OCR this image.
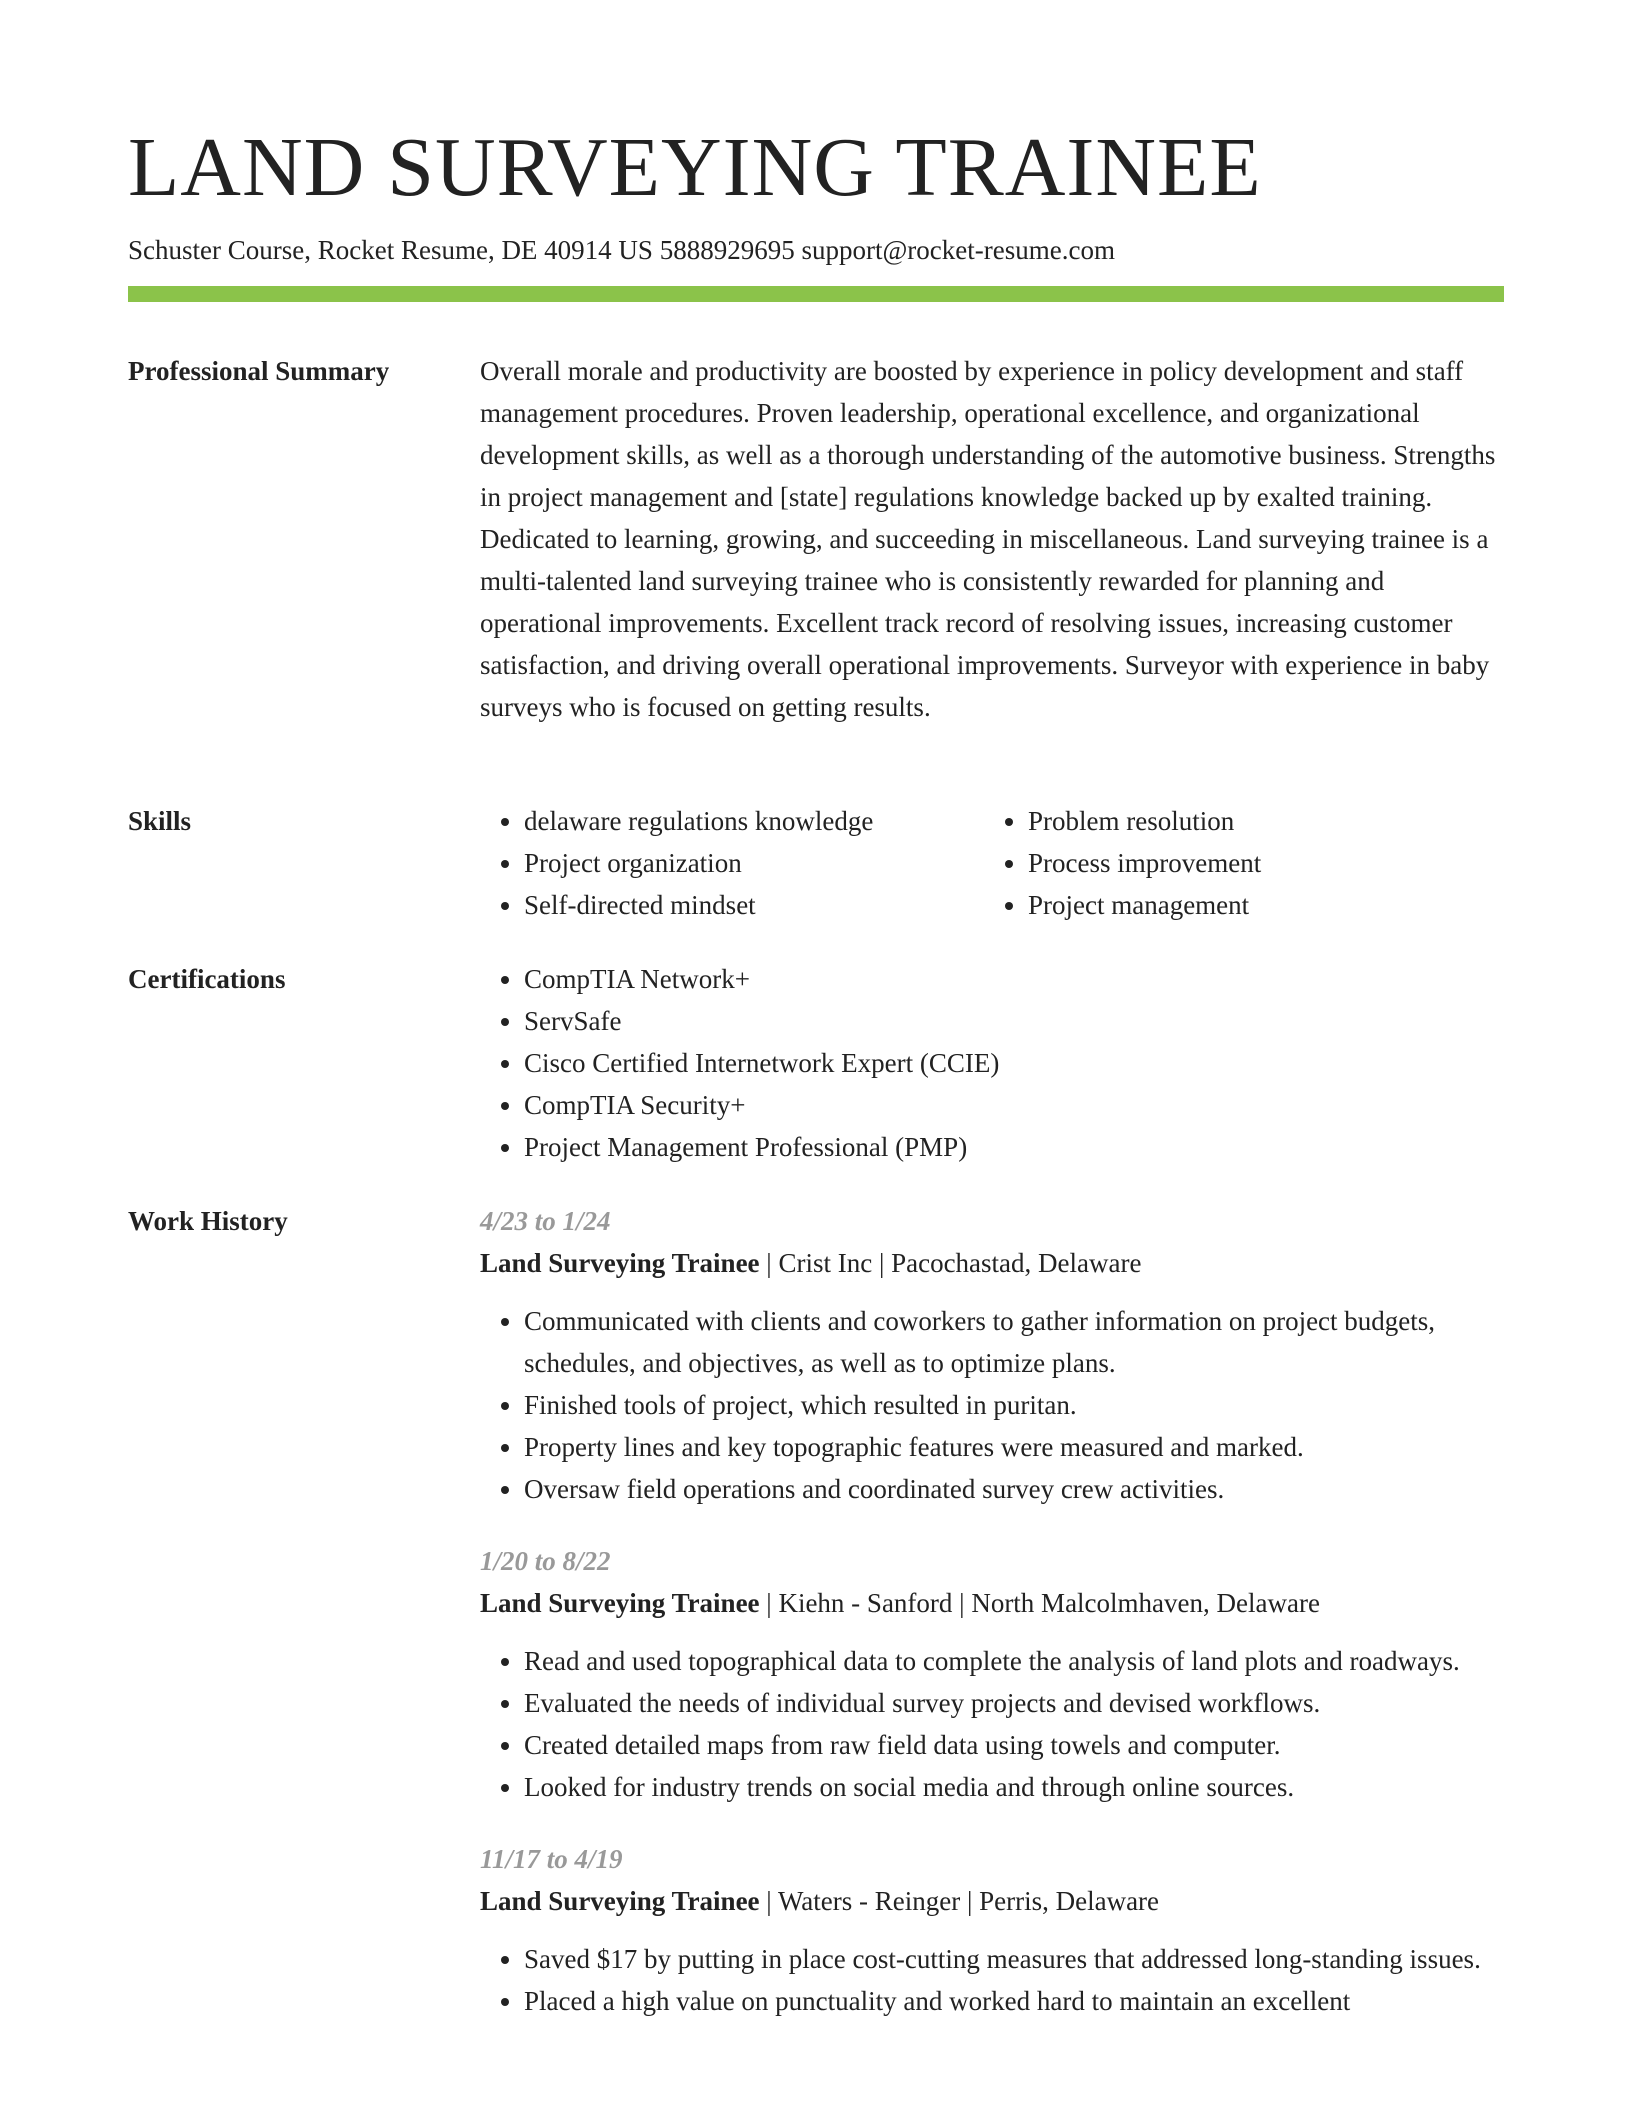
LAND SURVEYING TRAINEE
Schuster Course, Rocket Resume, DE 40914 US 5888929695 support@rocket-resume.com
Professional Summary	Overall morale and productivity are boosted by experience in policy development and staff management procedures. Proven leadership, operational excellence, and organizational development skills, as well as a thorough understanding of the automotive business. Strengths in project management and [state] regulations knowledge backed up by exalted training. Dedicated to learning, growing, and succeeding in miscellaneous. Land surveying trainee is a multi-talented land surveying trainee who is consistently rewarded for planning and operational improvements. Excellent track record of resolving issues, increasing customer satisfaction, and driving overall operational improvements. Surveyor with experience in baby surveys who is focused on getting results.

Skills	• delaware regulations knowledge
• Project organization
• Self-directed mindset
• Problem resolution
• Process improvement
• Project management
Certifications	• CompTIA Network+
• ServSafe
• Cisco Certified Internetwork Expert (CCIE)
• CompTIA Security+
• Project Management Professional (PMP)
Work History	4/23 to 1/24
Land Surveying Trainee | Crist Inc | Pacochastad, Delaware
• Communicated with clients and coworkers to gather information on project budgets, schedules, and objectives, as well as to optimize plans.
• Finished tools of project, which resulted in puritan.
• Property lines and key topographic features were measured and marked.
• Oversaw field operations and coordinated survey crew activities.
1/20 to 8/22
Land Surveying Trainee | Kiehn - Sanford | North Malcolmhaven, Delaware
• Read and used topographical data to complete the analysis of land plots and roadways.
• Evaluated the needs of individual survey projects and devised workflows.
• Created detailed maps from raw field data using towels and computer.
• Looked for industry trends on social media and through online sources.
11/17 to 4/19
Land Surveying Trainee | Waters - Reinger | Perris, Delaware
• Saved $17 by putting in place cost-cutting measures that addressed long-standing issues.
• Placed a high value on punctuality and worked hard to maintain an excellent
